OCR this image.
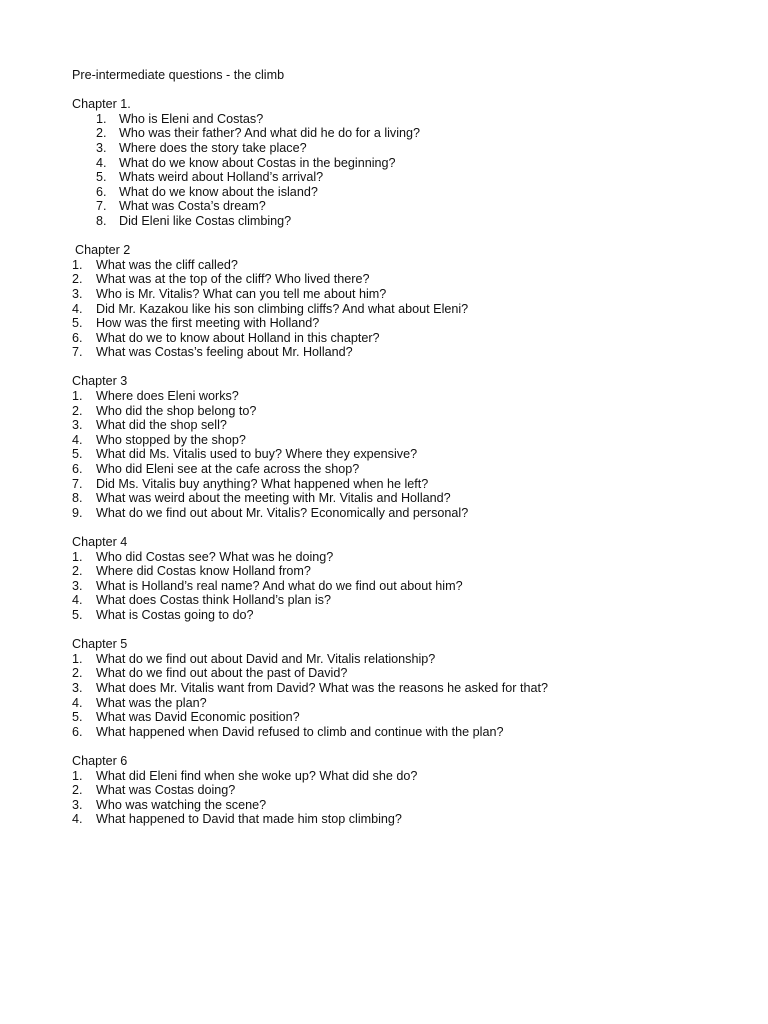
Pre-intermediate questions - the climb
Chapter 1.
1. Who is Eleni and Costas?
2. Who was their father? And what did he do for a living?
3. Where does the story take place?
4. What do we know about Costas in the beginning?
5. Whats weird about Holland’s arrival?
6. What do we know about the island?
7. What was Costa’s dream?
8. Did Eleni like Costas climbing?
Chapter 2
1.	What was the cliff called?
2.	What was at the top of the cliff? Who lived there?
3.	Who is Mr. Vitalis? What can you tell me about him?
4.	Did Mr. Kazakou like his son climbing cliffs? And what about Eleni?
5.	How was the first meeting with Holland?
6.	What do we to know about Holland in this chapter?
7.	What was Costas’s feeling about Mr. Holland?
Chapter 3
1.	Where does Eleni works?
2.	Who did the shop belong to?
3.	What did the shop sell?
4.	Who stopped by the shop?
5.	What did Ms. Vitalis used to buy? Where they expensive?
6.	Who did Eleni see at the cafe across the shop?
7.	Did Ms. Vitalis buy anything? What happened when he left?
8.	What was weird about the meeting with Mr. Vitalis and Holland?
9.	What do we find out about Mr. Vitalis? Economically and personal?
Chapter 4
1.	Who did Costas see? What was he doing?
2.	Where did Costas know Holland from?
3.	What is Holland’s real name? And what do we find out about him?
4.	What does Costas think Holland’s plan is?
5.	What is Costas going to do?
Chapter 5
1.	What do we find out about David and Mr. Vitalis relationship?
2.	What do we find out about the past of David?
3.	What does Mr. Vitalis want from David? What was the reasons he asked for that?
4.	What was the plan?
5.	What was David Economic position?
6.	What happened when David refused to climb and continue with the plan?
Chapter 6
1.	What did Eleni find when she woke up? What did she do?
2.	What was Costas doing?
3.	Who was watching the scene?
4.	What happened to David that made him stop climbing?
